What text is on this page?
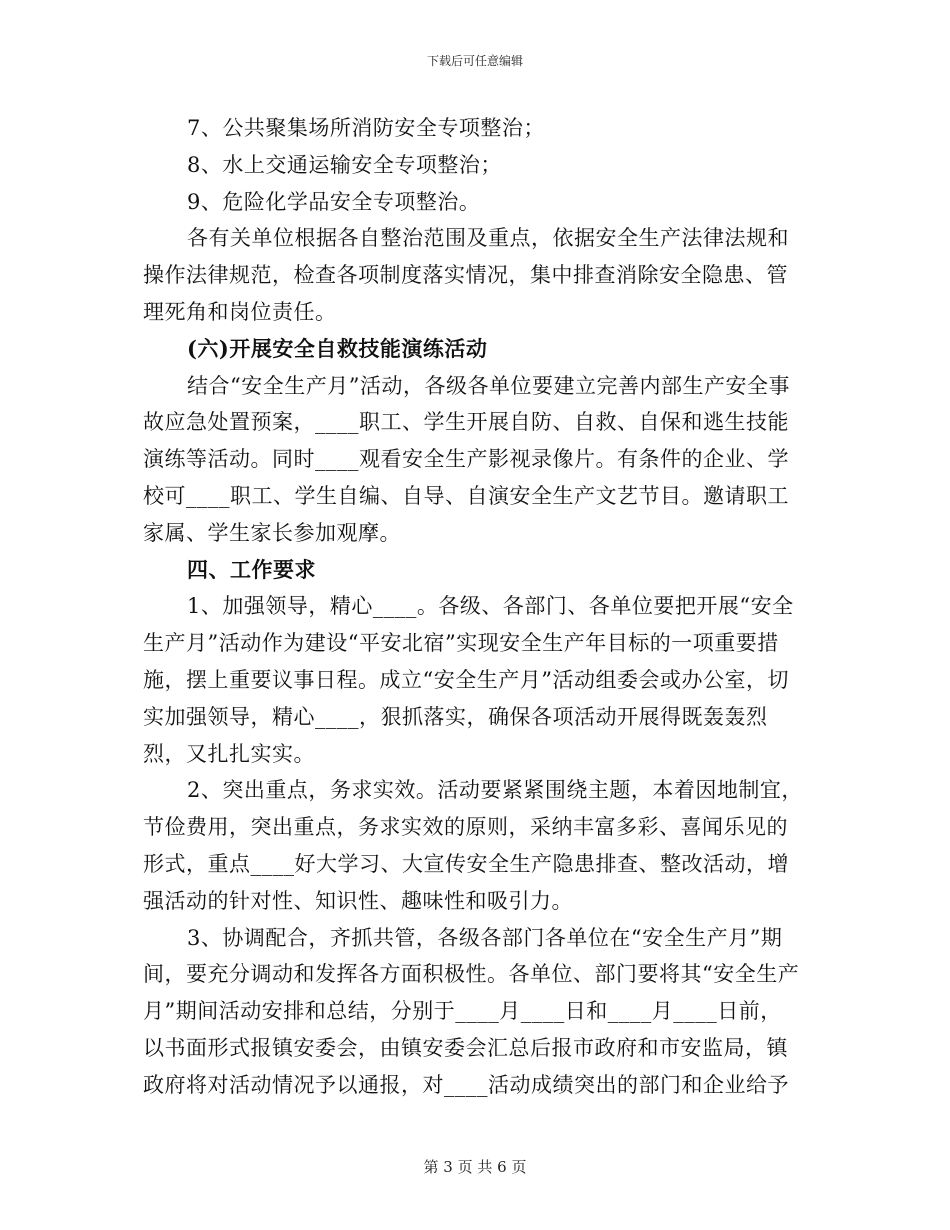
下载后可任意编辑

7、公共聚集场所消防安全专项整治；

8、水上交通运输安全专项整治；

9、危险化学品安全专项整治。

各有关单位根据各自整治范围及重点，依据安全生产法律法规和操作法律规范，检查各项制度落实情况，集中排查消除安全隐患、管理死角和岗位责任。

(六)开展安全自救技能演练活动

结合“安全生产月”活动，各级各单位要建立完善内部生产安全事故应急处置预案，____职工、学生开展自防、自救、自保和逃生技能演练等活动。同时____观看安全生产影视录像片。有条件的企业、学校可____职工、学生自编、自导、自演安全生产文艺节目。邀请职工家属、学生家长参加观摩。

四、工作要求

1、加强领导，精心____。各级、各部门、各单位要把开展“安全生产月”活动作为建设“平安北宿”实现安全生产年目标的一项重要措施，摆上重要议事日程。成立“安全生产月”活动组委会或办公室，切实加强领导，精心____，狠抓落实，确保各项活动开展得既轰轰烈烈，又扎扎实实。

2、突出重点，务求实效。活动要紧紧围绕主题，本着因地制宜，节俭费用，突出重点，务求实效的原则，采纳丰富多彩、喜闻乐见的形式，重点____好大学习、大宣传安全生产隐患排查、整改活动，增强活动的针对性、知识性、趣味性和吸引力。

3、协调配合，齐抓共管，各级各部门各单位在“安全生产月”期间，要充分调动和发挥各方面积极性。各单位、部门要将其“安全生产月”期间活动安排和总结，分别于____月____日和____月____日前，以书面形式报镇安委会，由镇安委会汇总后报市政府和市安监局，镇政府将对活动情况予以通报，对____活动成绩突出的部门和企业给予

第 3 页 共 6 页
